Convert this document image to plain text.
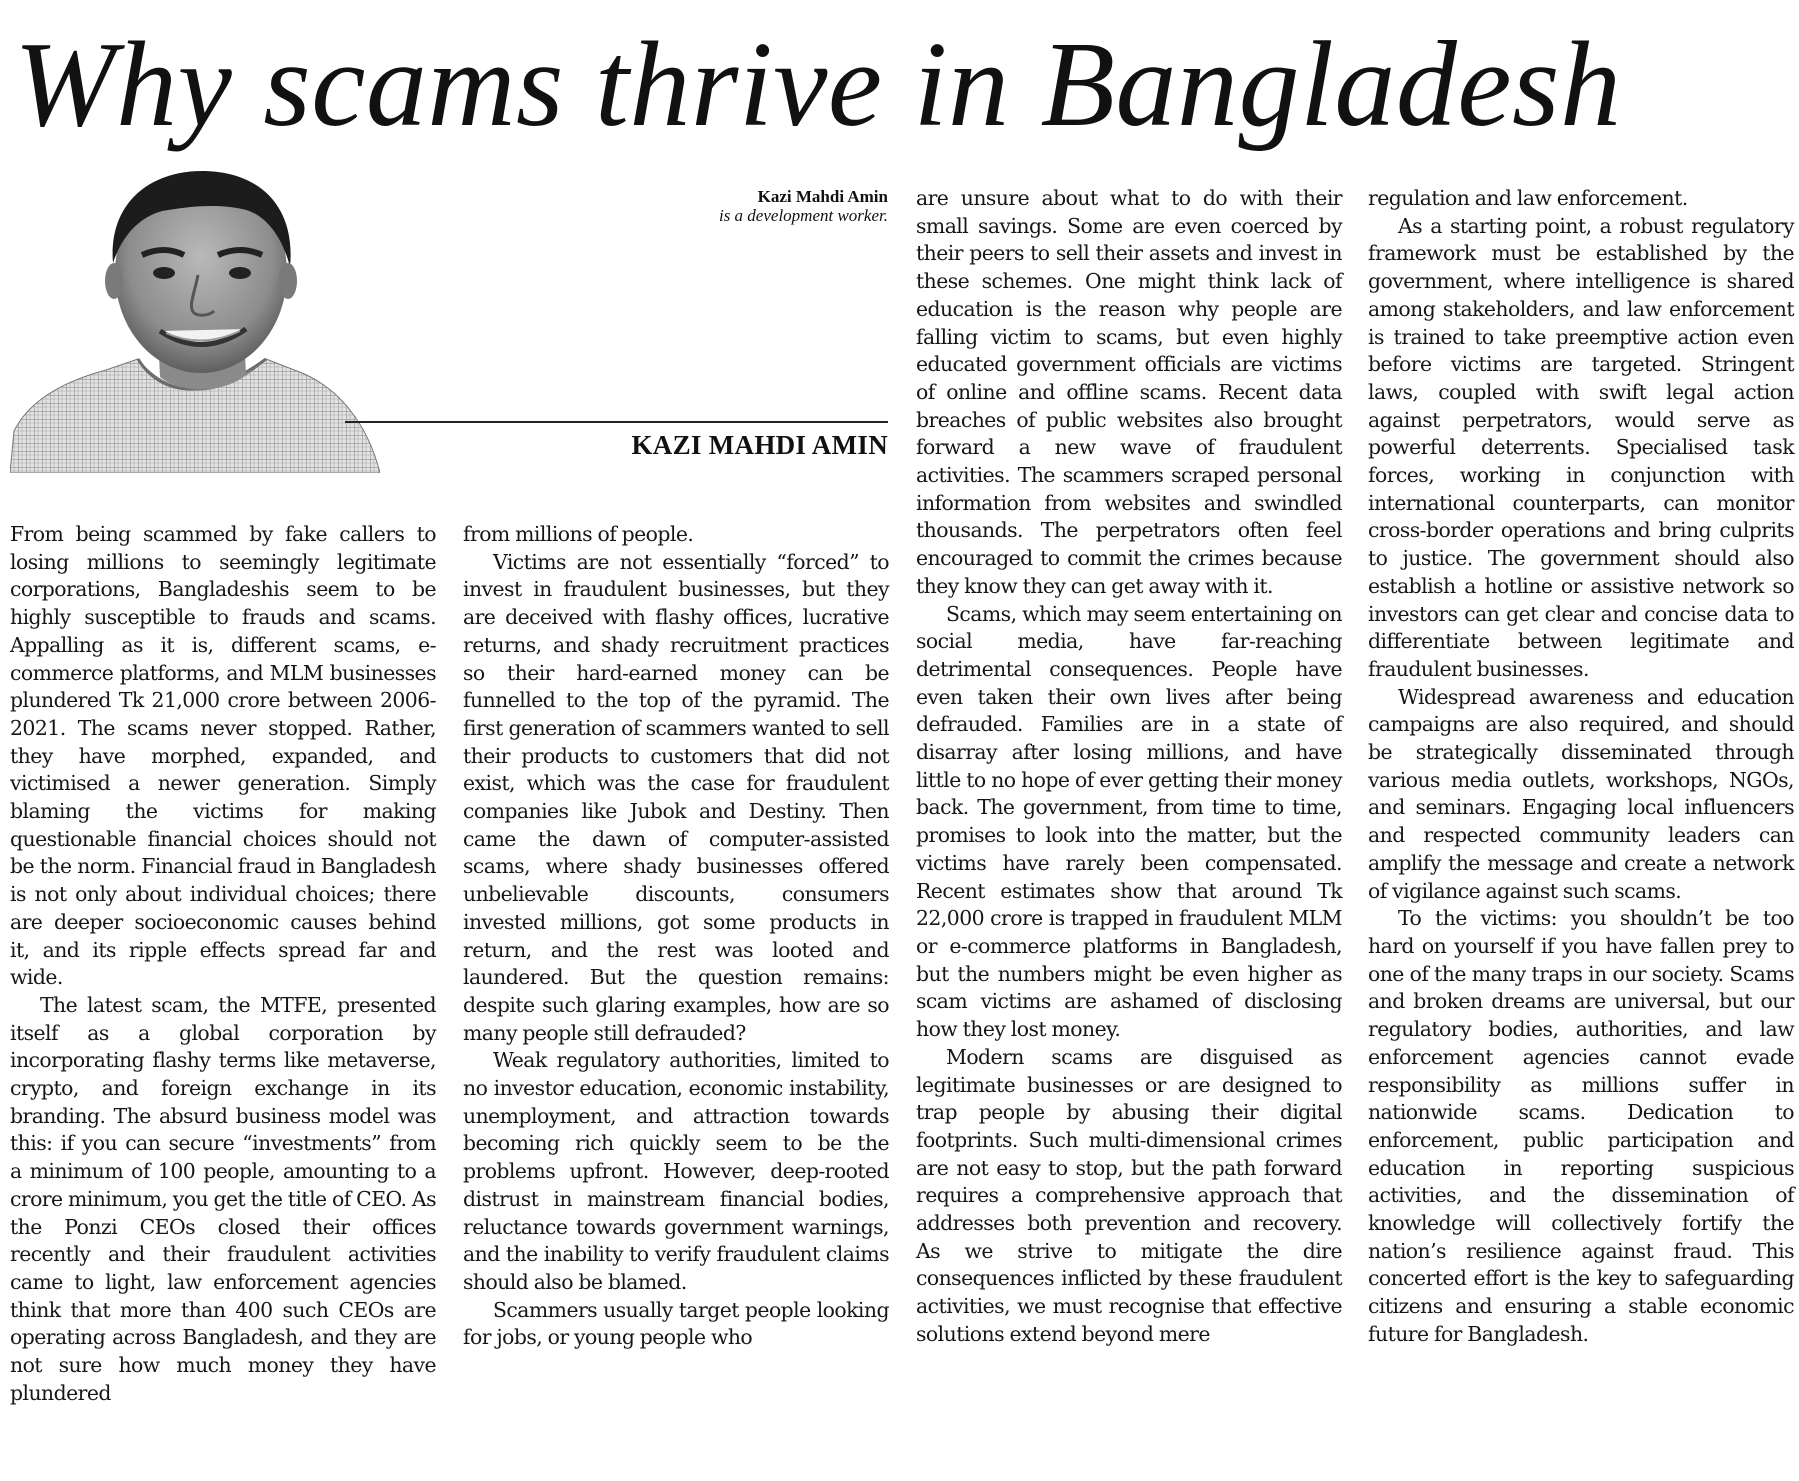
Why scams thrive in Bangladesh
Kazi Mahdi Amin
is a development worker.
KAZI MAHDI AMIN

From being scammed by fake callers to losing millions to seemingly legitimate corporations, Bangladeshis seem to be highly susceptible to frauds and scams. Appalling as it is, different scams, e-commerce platforms, and MLM businesses plundered Tk 21,000 crore between 2006-2021. The scams never stopped. Rather, they have morphed, expanded, and victimised a newer generation. Simply blaming the victims for making questionable financial choices should not be the norm. Financial fraud in Bangladesh is not only about individual choices; there are deeper socioeconomic causes behind it, and its ripple effects spread far and wide.

The latest scam, the MTFE, presented itself as a global corporation by incorporating flashy terms like metaverse, crypto, and foreign exchange in its branding. The absurd business model was this: if you can secure “investments” from a minimum of 100 people, amounting to a crore minimum, you get the title of CEO. As the Ponzi CEOs closed their offices recently and their fraudulent activities came to light, law enforcement agencies think that more than 400 such CEOs are operating across Bangladesh, and they are not sure how much money they have plundered

from millions of people.

Victims are not essentially “forced” to invest in fraudulent businesses, but they are deceived with flashy offices, lucrative returns, and shady recruitment practices so their hard-earned money can be funnelled to the top of the pyramid. The first generation of scammers wanted to sell their products to customers that did not exist, which was the case for fraudulent companies like Jubok and Destiny. Then came the dawn of computer-assisted scams, where shady businesses offered unbelievable discounts, consumers invested millions, got some products in return, and the rest was looted and laundered. But the question remains: despite such glaring examples, how are so many people still defrauded?

Weak regulatory authorities, limited to no investor education, economic instability, unemployment, and attraction towards becoming rich quickly seem to be the problems upfront. However, deep-rooted distrust in mainstream financial bodies, reluctance towards government warnings, and the inability to verify fraudulent claims should also be blamed.

Scammers usually target people looking for jobs, or young people who

are unsure about what to do with their small savings. Some are even coerced by their peers to sell their assets and invest in these schemes. One might think lack of education is the reason why people are falling victim to scams, but even highly educated government officials are victims of online and offline scams. Recent data breaches of public websites also brought forward a new wave of fraudulent activities. The scammers scraped personal information from websites and swindled thousands. The perpetrators often feel encouraged to commit the crimes because they know they can get away with it.

Scams, which may seem entertaining on social media, have far-reaching detrimental consequences. People have even taken their own lives after being defrauded. Families are in a state of disarray after losing millions, and have little to no hope of ever getting their money back. The government, from time to time, promises to look into the matter, but the victims have rarely been compensated. Recent estimates show that around Tk 22,000 crore is trapped in fraudulent MLM or e-commerce platforms in Bangladesh, but the numbers might be even higher as scam victims are ashamed of disclosing how they lost money.

Modern scams are disguised as legitimate businesses or are designed to trap people by abusing their digital footprints. Such multi-dimensional crimes are not easy to stop, but the path forward requires a comprehensive approach that addresses both prevention and recovery. As we strive to mitigate the dire consequences inflicted by these fraudulent activities, we must recognise that effective solutions extend beyond mere

regulation and law enforcement.

As a starting point, a robust regulatory framework must be established by the government, where intelligence is shared among stakeholders, and law enforcement is trained to take preemptive action even before victims are targeted. Stringent laws, coupled with swift legal action against perpetrators, would serve as powerful deterrents. Specialised task forces, working in conjunction with international counterparts, can monitor cross-border operations and bring culprits to justice. The government should also establish a hotline or assistive network so investors can get clear and concise data to differentiate between legitimate and fraudulent businesses.

Widespread awareness and education campaigns are also required, and should be strategically disseminated through various media outlets, workshops, NGOs, and seminars. Engaging local influencers and respected community leaders can amplify the message and create a network of vigilance against such scams.

To the victims: you shouldn’t be too hard on yourself if you have fallen prey to one of the many traps in our society. Scams and broken dreams are universal, but our regulatory bodies, authorities, and law enforcement agencies cannot evade responsibility as millions suffer in nationwide scams. Dedication to enforcement, public participation and education in reporting suspicious activities, and the dissemination of knowledge will collectively fortify the nation’s resilience against fraud. This concerted effort is the key to safeguarding citizens and ensuring a stable economic future for Bangladesh.
